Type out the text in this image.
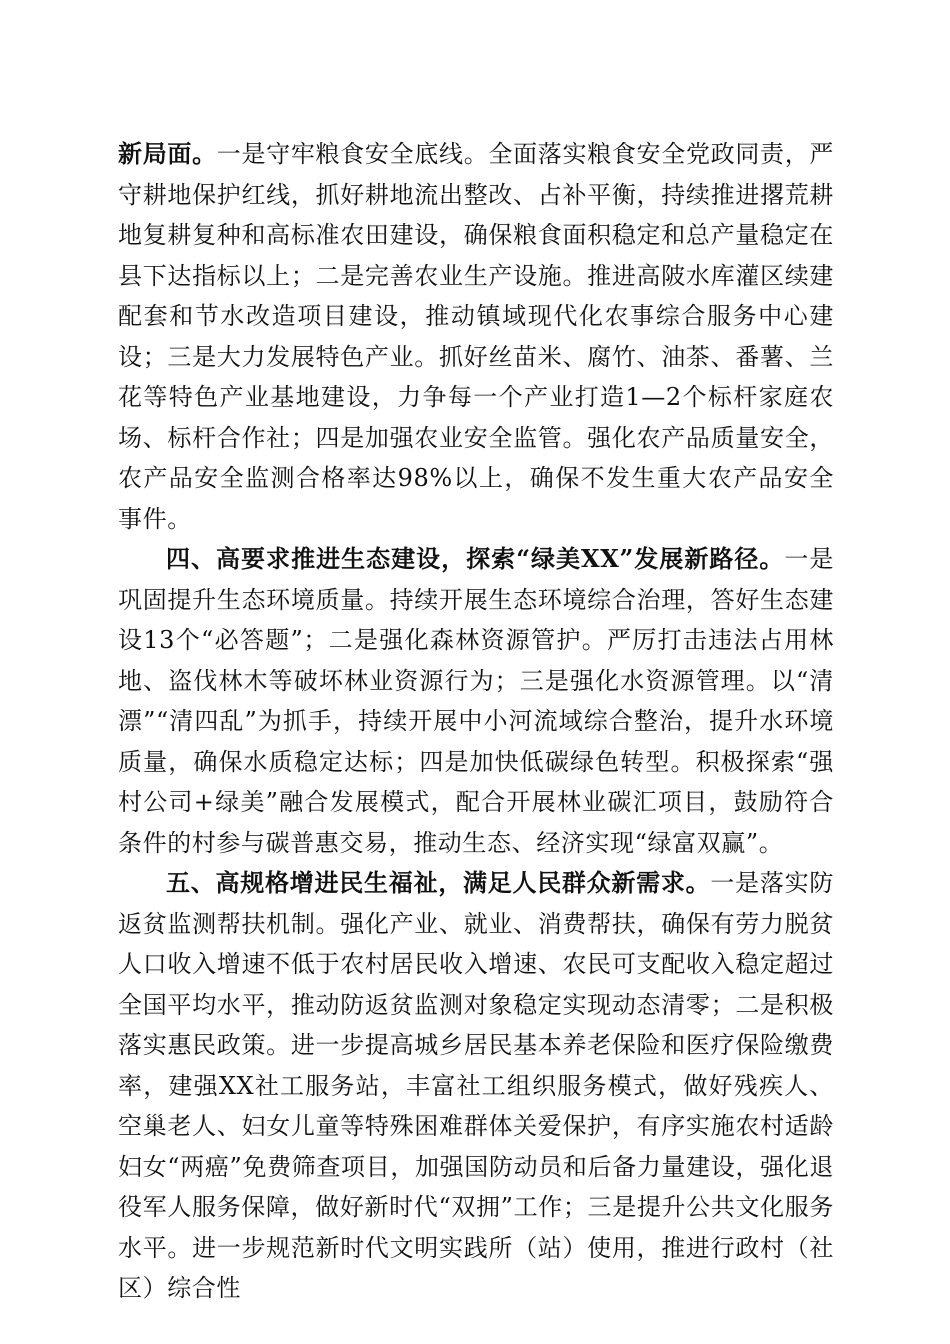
新局面。一是守牢粮食安全底线。全面落实粮食安全党政同责，严守耕地保护红线，抓好耕地流出整改、占补平衡，持续推进撂荒耕地复耕复种和高标准农田建设，确保粮食面积稳定和总产量稳定在县下达指标以上；二是完善农业生产设施。推进高陂水库灌区续建配套和节水改造项目建设，推动镇域现代化农事综合服务中心建设；三是大力发展特色产业。抓好丝苗米、腐竹、油茶、番薯、兰花等特色产业基地建设，力争每一个产业打造1—2个标杆家庭农场、标杆合作社；四是加强农业安全监管。强化农产品质量安全，农产品安全监测合格率达98%以上，确保不发生重大农产品安全事件。

四、高要求推进生态建设，探索“绿美XX”发展新路径。一是巩固提升生态环境质量。持续开展生态环境综合治理，答好生态建设13个“必答题”；二是强化森林资源管护。严厉打击违法占用林地、盗伐林木等破坏林业资源行为；三是强化水资源管理。以“清漂”“清四乱”为抓手，持续开展中小河流域综合整治，提升水环境质量，确保水质稳定达标；四是加快低碳绿色转型。积极探索“强村公司+绿美”融合发展模式，配合开展林业碳汇项目，鼓励符合条件的村参与碳普惠交易，推动生态、经济实现“绿富双赢”。

五、高规格增进民生福祉，满足人民群众新需求。一是落实防返贫监测帮扶机制。强化产业、就业、消费帮扶，确保有劳力脱贫人口收入增速不低于农村居民收入增速、农民可支配收入稳定超过全国平均水平，推动防返贫监测对象稳定实现动态清零；二是积极落实惠民政策。进一步提高城乡居民基本养老保险和医疗保险缴费率，建强XX社工服务站，丰富社工组织服务模式，做好残疾人、空巢老人、妇女儿童等特殊困难群体关爱保护，有序实施农村适龄妇女“两癌”免费筛查项目，加强国防动员和后备力量建设，强化退役军人服务保障，做好新时代“双拥”工作；三是提升公共文化服务水平。进一步规范新时代文明实践所（站）使用，推进行政村（社区）综合性
